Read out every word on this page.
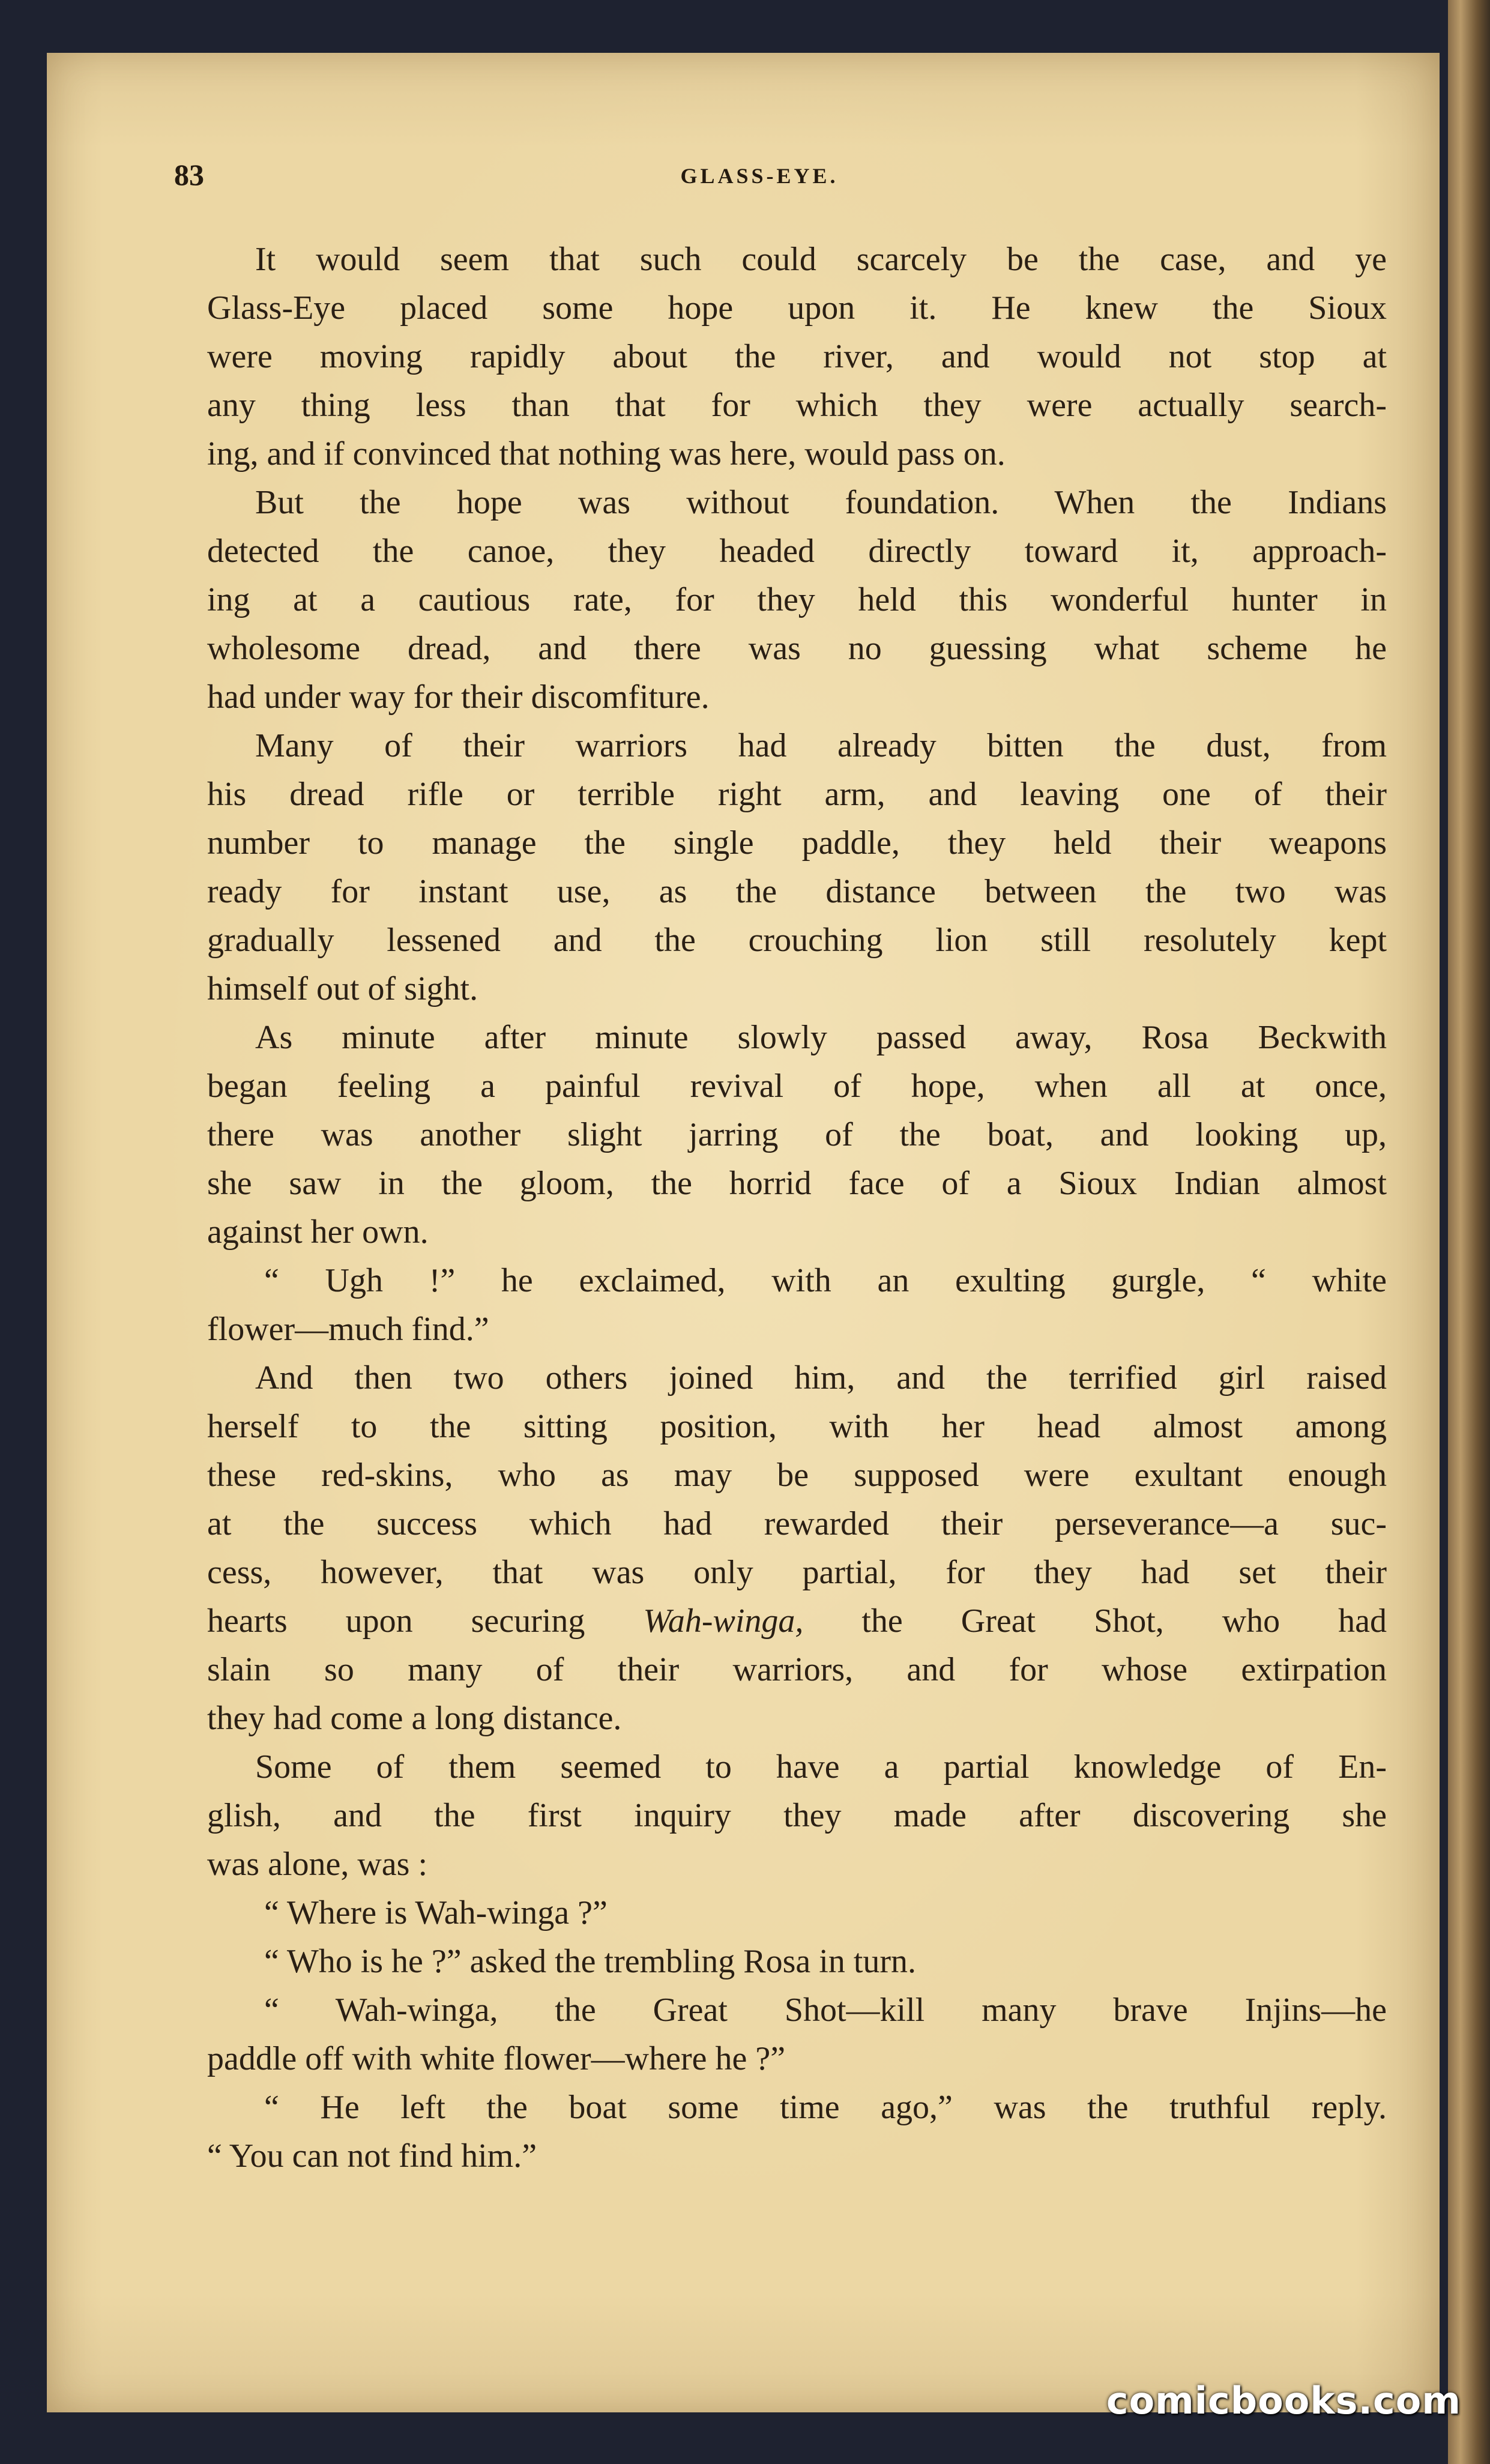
83	GLASS-EYE.
It would seem that such could scarcely be the case, and ye
Glass-Eye placed some hope upon it. He knew the Sioux
were moving rapidly about the river, and would not stop at
any thing less than that for which they were actually search-
ing, and if convinced that nothing was here, would pass on.
But the hope was without foundation. When the Indians
detected the canoe, they headed directly toward it, approach-
ing at a cautious rate, for they held this wonderful hunter in
wholesome dread, and there was no guessing what scheme he
had under way for their discomfiture.
Many of their warriors had already bitten the dust, from
his dread rifle or terrible right arm, and leaving one of their
number to manage the single paddle, they held their weapons
ready for instant use, as the distance between the two was
gradually lessened and the crouching lion still resolutely kept
himself out of sight.
As minute after minute slowly passed away, Rosa Beckwith
began feeling a painful revival of hope, when all at once,
there was another slight jarring of the boat, and looking up,
she saw in the gloom, the horrid face of a Sioux Indian almost
against her own.
“ Ugh !” he exclaimed, with an exulting gurgle, “ white
flower—much find.”
And then two others joined him, and the terrified girl raised
herself to the sitting position, with her head almost among
these red-skins, who as may be supposed were exultant enough
at the success which had rewarded their perseverance—a suc-
cess, however, that was only partial, for they had set their
hearts upon securing Wah-winga, the Great Shot, who had
slain so many of their warriors, and for whose extirpation
they had come a long distance.
Some of them seemed to have a partial knowledge of En-
glish, and the first inquiry they made after discovering she
was alone, was :
“ Where is Wah-winga ?”
“ Who is he ?” asked the trembling Rosa in turn.
“ Wah-winga, the Great Shot—kill many brave Injins—he
paddle off with white flower—where he ?”
“ He left the boat some time ago,” was the truthful reply.
“ You can not find him.”
comicbooks.com
